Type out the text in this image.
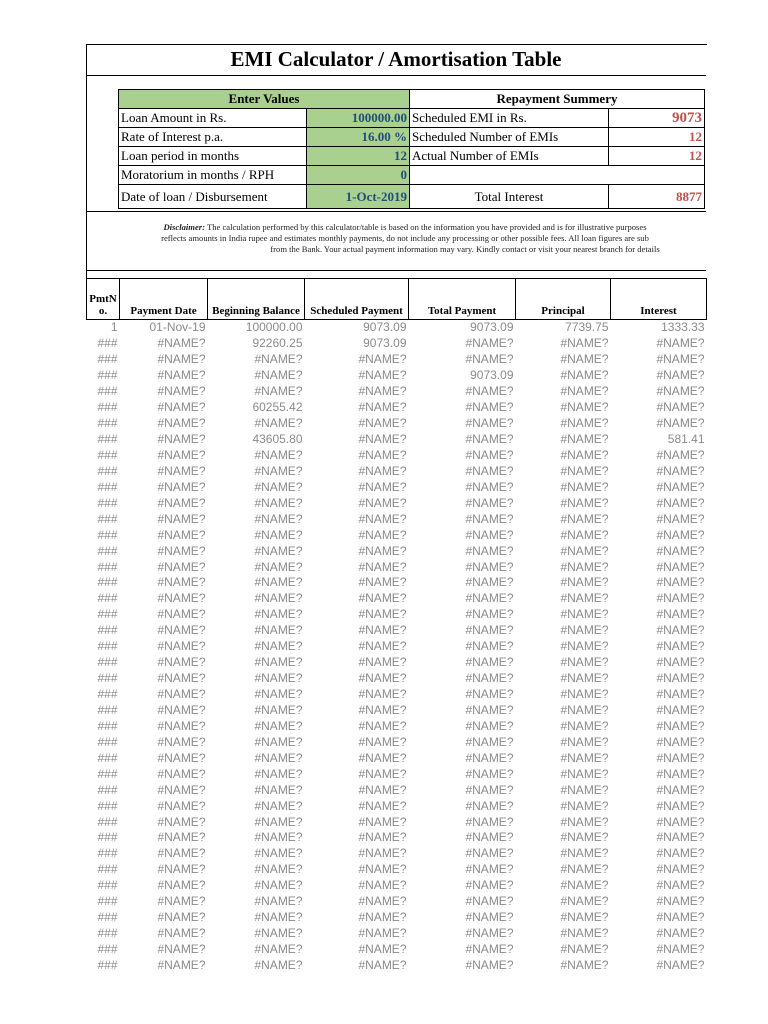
EMI Calculator / Amortisation Table
Enter Values		Repayment Summery	
Loan Amount in Rs.	100000.00	Scheduled EMI in Rs.	9073
Rate of Interest p.a.	16.00 %	Scheduled Number of EMIs	12
Loan period in months	12	Actual Number of EMIs	12
Moratorium in months / RPH	0		
Date of loan / Disbursement	1-Oct-2019	Total Interest	8877
Disclaimer: The calculation performed by this calculator/table is based on the information you have provided and is for illustrative purposes
reflects amounts in India rupee and estimates monthly payments, do not include any processing or other possible fees. All loan figures are sub
from the Bank. Your actual payment information may vary. Kindly contact or visit your nearest branch for details
PmtN
o.	Payment Date	Beginning Balance	Scheduled Payment	Total Payment	Principal	Interest
1	01-Nov-19	100000.00	9073.09	9073.09	7739.75	1333.33
###	#NAME?	92260.25	9073.09	#NAME?	#NAME?	#NAME?
###	#NAME?	#NAME?	#NAME?	#NAME?	#NAME?	#NAME?
###	#NAME?	#NAME?	#NAME?	9073.09	#NAME?	#NAME?
###	#NAME?	#NAME?	#NAME?	#NAME?	#NAME?	#NAME?
###	#NAME?	60255.42	#NAME?	#NAME?	#NAME?	#NAME?
###	#NAME?	#NAME?	#NAME?	#NAME?	#NAME?	#NAME?
###	#NAME?	43605.80	#NAME?	#NAME?	#NAME?	581.41
###	#NAME?	#NAME?	#NAME?	#NAME?	#NAME?	#NAME?
###	#NAME?	#NAME?	#NAME?	#NAME?	#NAME?	#NAME?
###	#NAME?	#NAME?	#NAME?	#NAME?	#NAME?	#NAME?
###	#NAME?	#NAME?	#NAME?	#NAME?	#NAME?	#NAME?
###	#NAME?	#NAME?	#NAME?	#NAME?	#NAME?	#NAME?
###	#NAME?	#NAME?	#NAME?	#NAME?	#NAME?	#NAME?
###	#NAME?	#NAME?	#NAME?	#NAME?	#NAME?	#NAME?
###	#NAME?	#NAME?	#NAME?	#NAME?	#NAME?	#NAME?
###	#NAME?	#NAME?	#NAME?	#NAME?	#NAME?	#NAME?
###	#NAME?	#NAME?	#NAME?	#NAME?	#NAME?	#NAME?
###	#NAME?	#NAME?	#NAME?	#NAME?	#NAME?	#NAME?
###	#NAME?	#NAME?	#NAME?	#NAME?	#NAME?	#NAME?
###	#NAME?	#NAME?	#NAME?	#NAME?	#NAME?	#NAME?
###	#NAME?	#NAME?	#NAME?	#NAME?	#NAME?	#NAME?
###	#NAME?	#NAME?	#NAME?	#NAME?	#NAME?	#NAME?
###	#NAME?	#NAME?	#NAME?	#NAME?	#NAME?	#NAME?
###	#NAME?	#NAME?	#NAME?	#NAME?	#NAME?	#NAME?
###	#NAME?	#NAME?	#NAME?	#NAME?	#NAME?	#NAME?
###	#NAME?	#NAME?	#NAME?	#NAME?	#NAME?	#NAME?
###	#NAME?	#NAME?	#NAME?	#NAME?	#NAME?	#NAME?
###	#NAME?	#NAME?	#NAME?	#NAME?	#NAME?	#NAME?
###	#NAME?	#NAME?	#NAME?	#NAME?	#NAME?	#NAME?
###	#NAME?	#NAME?	#NAME?	#NAME?	#NAME?	#NAME?
###	#NAME?	#NAME?	#NAME?	#NAME?	#NAME?	#NAME?
###	#NAME?	#NAME?	#NAME?	#NAME?	#NAME?	#NAME?
###	#NAME?	#NAME?	#NAME?	#NAME?	#NAME?	#NAME?
###	#NAME?	#NAME?	#NAME?	#NAME?	#NAME?	#NAME?
###	#NAME?	#NAME?	#NAME?	#NAME?	#NAME?	#NAME?
###	#NAME?	#NAME?	#NAME?	#NAME?	#NAME?	#NAME?
###	#NAME?	#NAME?	#NAME?	#NAME?	#NAME?	#NAME?
###	#NAME?	#NAME?	#NAME?	#NAME?	#NAME?	#NAME?
###	#NAME?	#NAME?	#NAME?	#NAME?	#NAME?	#NAME?
###	#NAME?	#NAME?	#NAME?	#NAME?	#NAME?	#NAME?
